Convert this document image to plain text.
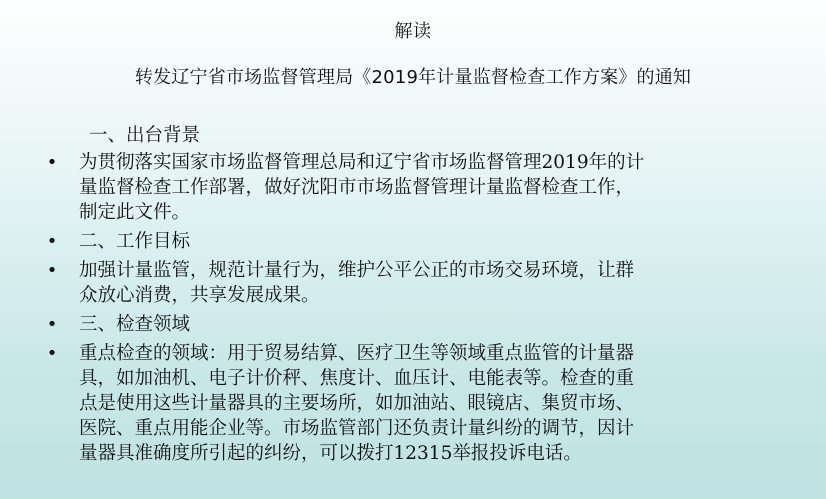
解读
转发辽宁省市场监督管理局《2019年计量监督检查工作方案》的通知
一、出台背景
• 为贯彻落实国家市场监督管理总局和辽宁省市场监督管理2019年的计
量监督检查工作部署，做好沈阳市市场监督管理计量监督检查工作，
制定此文件。
• 二、工作目标
• 加强计量监管，规范计量行为，维护公平公正的市场交易环境，让群
众放心消费，共享发展成果。
• 三、检查领域
• 重点检查的领域：用于贸易结算、医疗卫生等领域重点监管的计量器
具，如加油机、电子计价秤、焦度计、血压计、电能表等。检查的重
点是使用这些计量器具的主要场所，如加油站、眼镜店、集贸市场、
医院、重点用能企业等。市场监管部门还负责计量纠纷的调节，因计
量器具准确度所引起的纠纷，可以拨打12315举报投诉电话。
